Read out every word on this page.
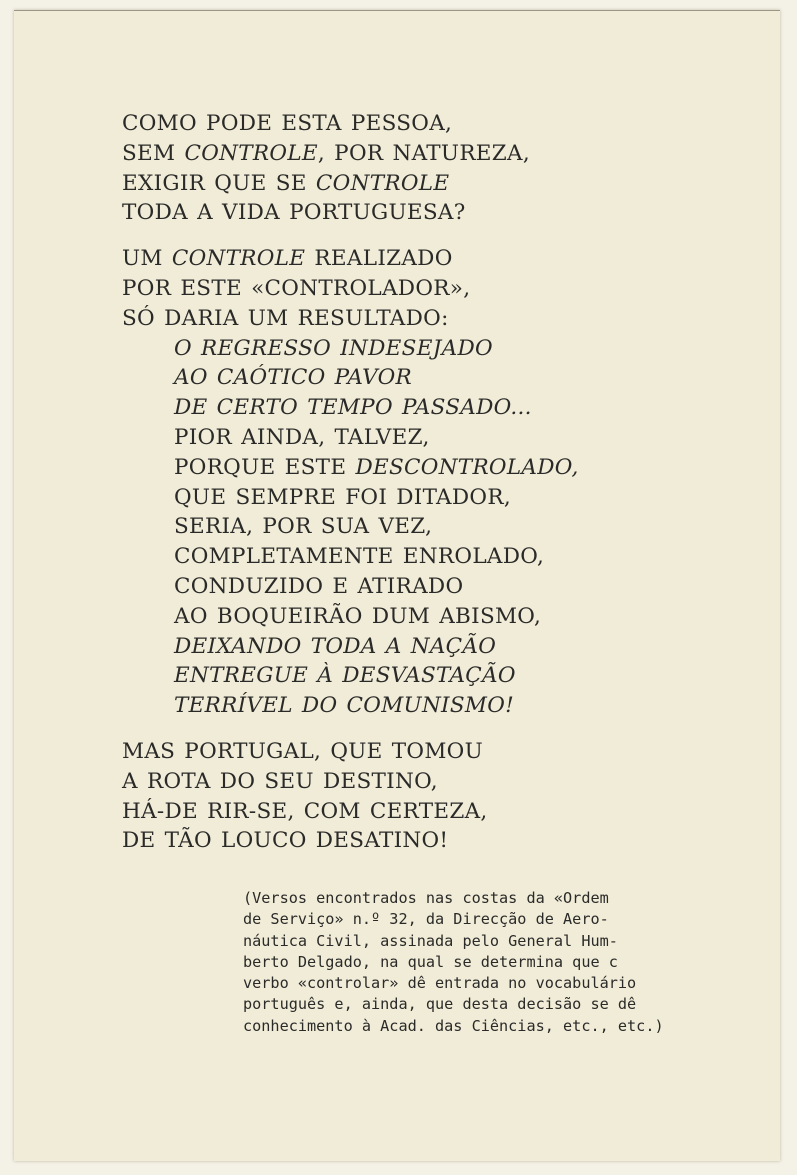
COMO PODE ESTA PESSOA,
SEM CONTROLE, POR NATUREZA,
EXIGIR QUE SE CONTROLE
TODA A VIDA PORTUGUESA?
UM CONTROLE REALIZADO
POR ESTE «CONTROLADOR»,
SÓ DARIA UM RESULTADO:
O REGRESSO INDESEJADO
AO CAÓTICO PAVOR
DE CERTO TEMPO PASSADO...
PIOR AINDA, TALVEZ,
PORQUE ESTE DESCONTROLADO,
QUE SEMPRE FOI DITADOR,
SERIA, POR SUA VEZ,
COMPLETAMENTE ENROLADO,
CONDUZIDO E ATIRADO
AO BOQUEIRÃO DUM ABISMO,
DEIXANDO TODA A NAÇÃO
ENTREGUE À DESVASTAÇÃO
TERRÍVEL DO COMUNISMO!
MAS PORTUGAL, QUE TOMOU
A ROTA DO SEU DESTINO,
HÁ-DE RIR-SE, COM CERTEZA,
DE TÃO LOUCO DESATINO!
(Versos encontrados nas costas da «Ordem
de Serviço» n.º 32, da Direcção de Aero-
náutica Civil, assinada pelo General Hum-
berto Delgado, na qual se determina que c
verbo «controlar» dê entrada no vocabulário
português e, ainda, que desta decisão se dê
conhecimento à Acad. das Ciências, etc., etc.)
